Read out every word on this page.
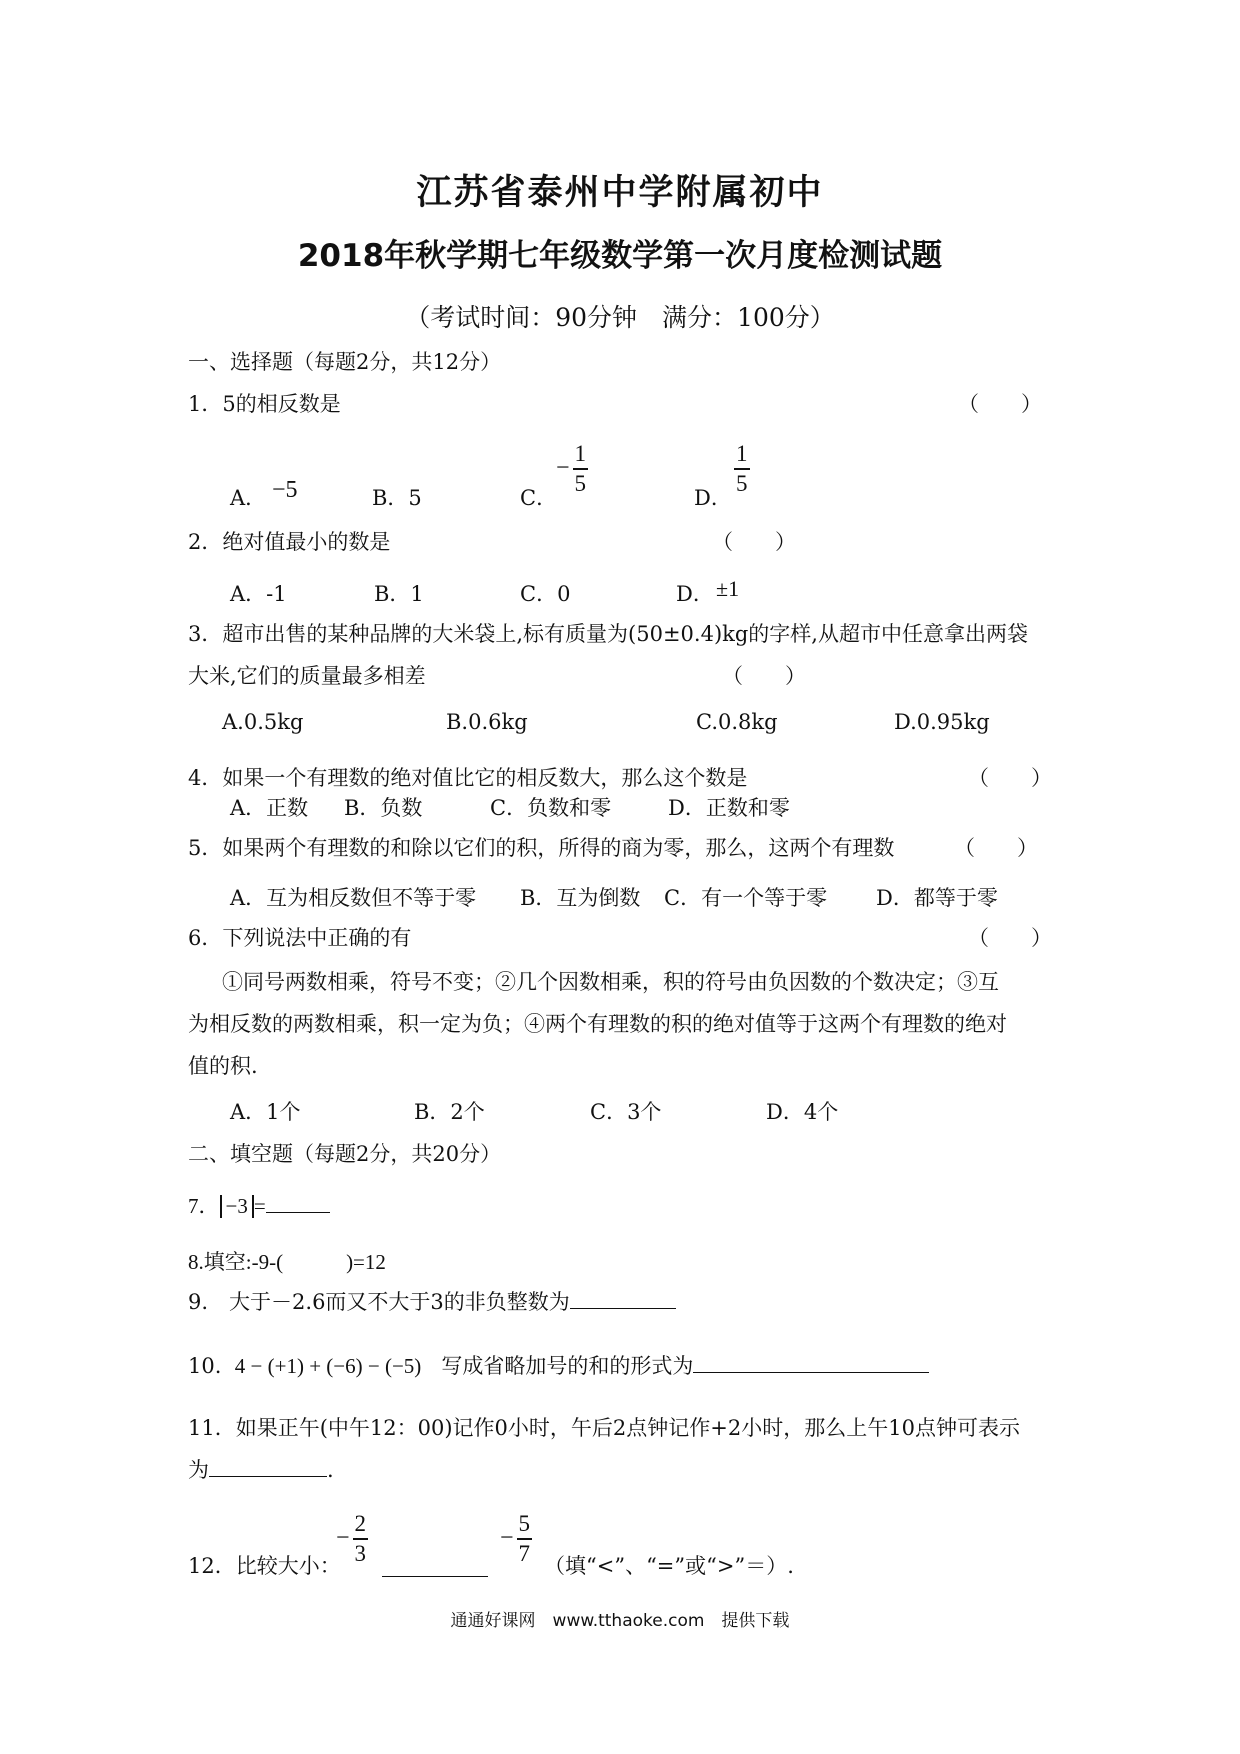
江苏省泰州中学附属初中
2018年秋学期七年级数学第一次月度检测试题
（考试时间：90分钟　满分：100分）
一、选择题（每题2分，共12分）
1．5的相反数是	（　　）
A． −5	B．5	C．
− $\frac{1}{5}$
D．
$\frac{1}{5}$
2．绝对值最小的数是	（　　）
A．-1	B．1	C．0	D． ±1
3．超市出售的某种品牌的大米袋上,标有质量为(50±0.4)kg的字样,从超市中任意拿出两袋
大米,它们的质量最多相差	（　　）
A.0.5kg	B.0.6kg	C.0.8kg	D.0.95kg
4．如果一个有理数的绝对值比它的相反数大，那么这个数是	（　　）
A．正数 B．负数	C．负数和零	D．正数和零
5．如果两个有理数的和除以它们的积，所得的商为零，那么，这两个有理数	（　　）
A．互为相反数但不等于零 B．互为倒数 C．有一个等于零 D．都等于零
6．下列说法中正确的有	（　　）
①同号两数相乘，符号不变；②几个因数相乘，积的符号由负因数的个数决定；③互
为相反数的两数相乘，积一定为负；④两个有理数的积的绝对值等于这两个有理数的绝对
值的积.
A．1个	B．2个	C．3个	D．4个
二、填空题（每题2分，共20分）
7． −3 =
8.填空:-9-(　　　)=12
9.　大于－2.6而又不大于3的非负整数为
10. 4 − (+1) + (−6) − (−5) 写成省略加号的和的形式为
11．如果正午(中午12：00)记作0小时，午后2点钟记作+2小时，那么上午10点钟可表示
为	.
12．比较大小：
− $\frac{2}{3}$	− $\frac{5}{7}$
（填“<”、“=”或“>”＝）.
通通好课网　www.tthaoke.com　提供下载
